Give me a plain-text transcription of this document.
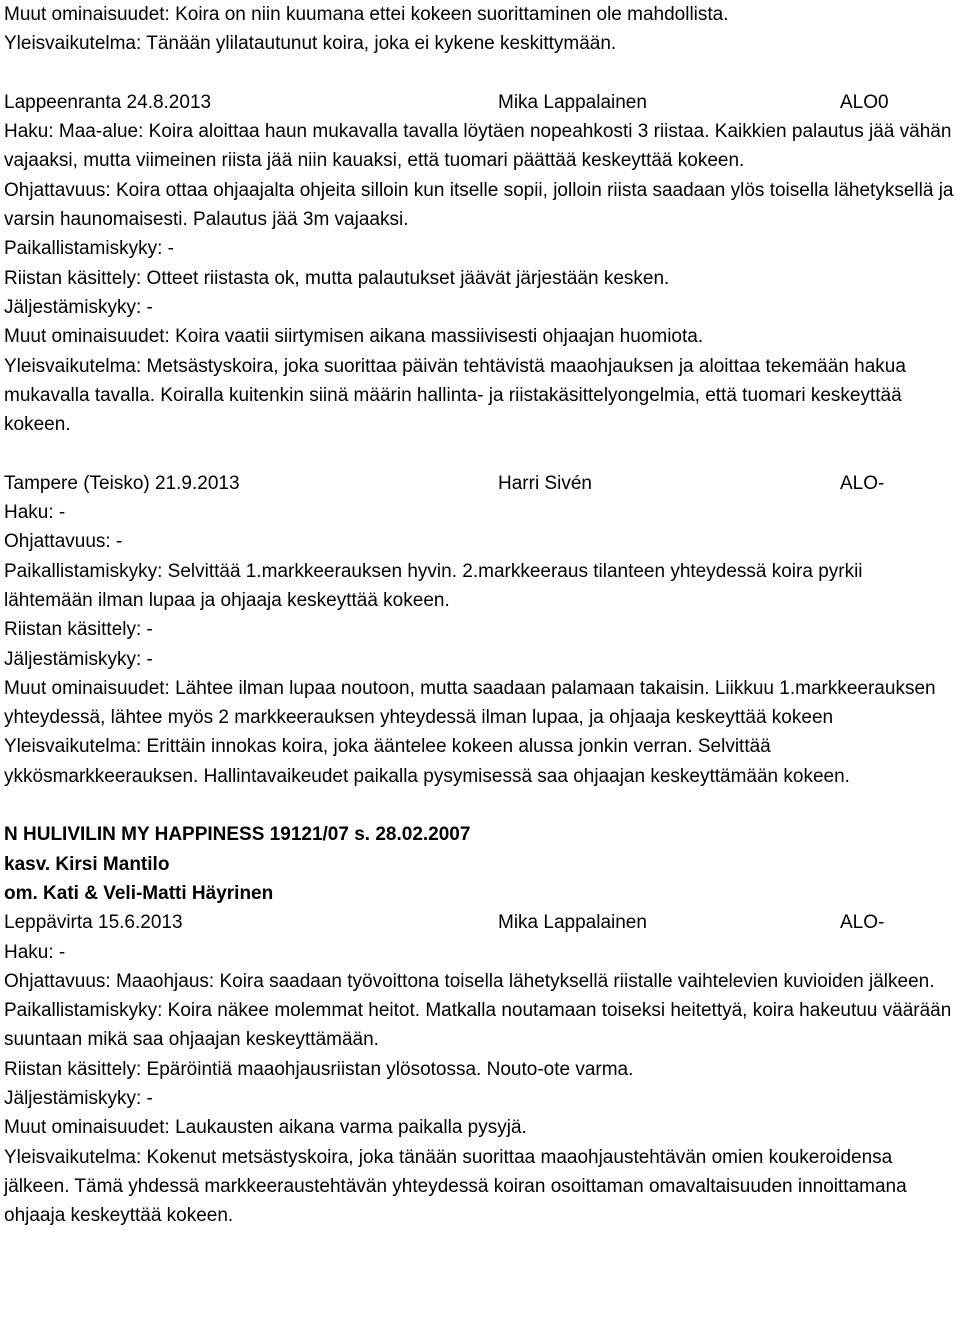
Muut ominaisuudet: Koira on niin kuumana ettei kokeen suorittaminen ole mahdollista.

Yleisvaikutelma: Tänään ylilatautunut koira, joka ei kykene keskittymään.

Lappeenranta 24.8.2013	Mika Lappalainen	ALO0

Haku: Maa-alue: Koira aloittaa haun mukavalla tavalla löytäen nopeahkosti 3 riistaa. Kaikkien palautus jää vähän vajaaksi, mutta viimeinen riista jää niin kauaksi, että tuomari päättää keskeyttää kokeen.

Ohjattavuus: Koira ottaa ohjaajalta ohjeita silloin kun itselle sopii, jolloin riista saadaan ylös toisella lähetyksellä ja varsin haunomaisesti. Palautus jää 3m vajaaksi.

Paikallistamiskyky: -

Riistan käsittely: Otteet riistasta ok, mutta palautukset jäävät järjestään kesken.

Jäljestämiskyky: -

Muut ominaisuudet: Koira vaatii siirtymisen aikana massiivisesti ohjaajan huomiota.

Yleisvaikutelma: Metsästyskoira, joka suorittaa päivän tehtävistä maaohjauksen ja aloittaa tekemään hakua mukavalla tavalla. Koiralla kuitenkin siinä määrin hallinta- ja riistakäsittelyongelmia, että tuomari keskeyttää kokeen.

Tampere (Teisko) 21.9.2013	Harri Sivén	ALO-

Haku: -

Ohjattavuus: -

Paikallistamiskyky: Selvittää 1.markkeerauksen hyvin. 2.markkeeraus tilanteen yhteydessä koira pyrkii lähtemään ilman lupaa ja ohjaaja keskeyttää kokeen.

Riistan käsittely: -

Jäljestämiskyky: -

Muut ominaisuudet: Lähtee ilman lupaa noutoon, mutta saadaan palamaan takaisin. Liikkuu 1.markkeerauksen yhteydessä, lähtee myös 2 markkeerauksen yhteydessä ilman lupaa, ja ohjaaja keskeyttää kokeen

Yleisvaikutelma: Erittäin innokas koira, joka ääntelee kokeen alussa jonkin verran. Selvittää ykkösmarkkeerauksen. Hallintavaikeudet paikalla pysymisessä saa ohjaajan keskeyttämään kokeen.

N HULIVILIN MY HAPPINESS 19121/07 s. 28.02.2007

kasv. Kirsi Mantilo

om. Kati & Veli-Matti Häyrinen

Leppävirta 15.6.2013	Mika Lappalainen	ALO-

Haku: -

Ohjattavuus: Maaohjaus: Koira saadaan työvoittona toisella lähetyksellä riistalle vaihtelevien kuvioiden jälkeen.

Paikallistamiskyky: Koira näkee molemmat heitot. Matkalla noutamaan toiseksi heitettyä, koira hakeutuu väärään suuntaan mikä saa ohjaajan keskeyttämään.

Riistan käsittely: Epäröintiä maaohjausriistan ylösotossa. Nouto-ote varma.

Jäljestämiskyky: -

Muut ominaisuudet: Laukausten aikana varma paikalla pysyjä.

Yleisvaikutelma: Kokenut metsästyskoira, joka tänään suorittaa maaohjaustehtävän omien koukeroidensa jälkeen. Tämä yhdessä markkeeraustehtävän yhteydessä koiran osoittaman omavaltaisuuden innoittamana ohjaaja keskeyttää kokeen.
